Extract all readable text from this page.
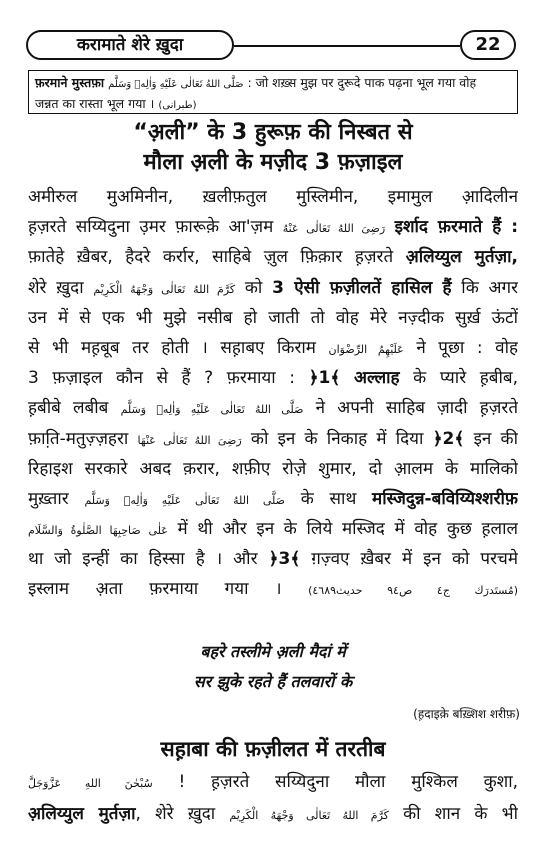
करामाते शेरे ख़ुदा	22
फ़रमाने मुस्तफ़ा صَلَّى اللهُ تَعَالٰى عَلَيْهِ وَاٰلِهٖ وَسَلَّم : जो शख़्स मुझ पर दुरूदे पाक पढ़ना भूल गया वोह
जन्नत का रास्ता भूल गया । (طبرانی)
“अ़ली” के 3 हुरूफ़ की निस्बत से
मौला अ़ली के मज़ीद 3 फ़ज़ाइल
अमीरुल मुअमिनीन, ख़लीफ़तुल मुस्लिमीन, इमामुल आ़दिलीन
ह़ज़रते सय्यिदुना उ़मर फ़ारूक़े आ'ज़म رَضِیَ اللهُ تَعَالٰی عَنْهُ इर्शाद फ़रमाते हैं :
फ़ातेहे ख़ैबर, हैदरे कर्रार, साहिबे ज़ुल फ़िक़ार ह़ज़रते अ़लिय्युल मुर्तज़ा,
शेरे ख़ुदा كَرَّمَ اللهُ تَعَالٰى وَجْهَهُ الْكَرِيْم को 3 ऐसी फ़ज़ीलतें हासिल हैं कि अगर
उन में से एक भी मुझे नसीब हो जाती तो वोह मेरे नज़्दीक सुर्ख़ ऊंटों
से भी मह़बूब तर होती । सह़ाबए किराम عَلَیْهِمُ الرِّضْوَان ने पूछा : वोह
3 फ़ज़ाइल कौन से हैं ? फ़रमाया : ﴿1﴾ अल्लाह के प्यारे ह़बीब,
ह़बीबे लबीब صَلَّى اللهُ تَعَالٰى عَلَيْهِ وَاٰلِهٖ وَسَلَّم ने अपनी साहिब ज़ादी ह़ज़रते
फ़ाति़-मतुज़्ज़हरा رَضِیَ اللهُ تَعَالٰی عَنْهَا को इन के निकाह में दिया ﴿2﴾ इन की
रिहाइश सरकारे अबद क़रार, शफ़ीए रोज़े शुमार, दो आ़लम के मालिको
मुख़्तार صَلَّى اللهُ تَعَالٰى عَلَيْهِ وَاٰلِهٖ وَسَلَّم के साथ मस्जिदुन्न-बविय्यिश्शरीफ़
عَلٰی صَاحِبِهَا الصَّلٰوةُ وَالسَّلَام में थी और इन के लिये मस्जिद में वोह कुछ ह़लाल
था जो इन्हीं का हिस्सा है । और ﴿3﴾ ग़ज़्वए ख़ैबर में इन को परचमे
इस्लाम अ़ता फ़रमाया गया । (مُستَدرَك ج٤ ص٩٤ حديث٤٦٨٩)
बहरे तस्लीमे अ़ली मैदां में
सर झुके रहते हैं तलवारों के
(ह़दाइक़े बख़्शिश शरीफ़)
सह़ाबा की फ़ज़ीलत में तरतीब
سُبْحٰنَ اللهِ عَزَّوَجَلَّ ! ह़ज़रते सय्यिदुना मौला मुश्किल कुशा,
अ़लिय्युल मुर्तज़ा, शेरे ख़ुदा كَرَّمَ اللهُ تَعَالٰى وَجْهَهُ الْكَرِيْم की शान के भी
